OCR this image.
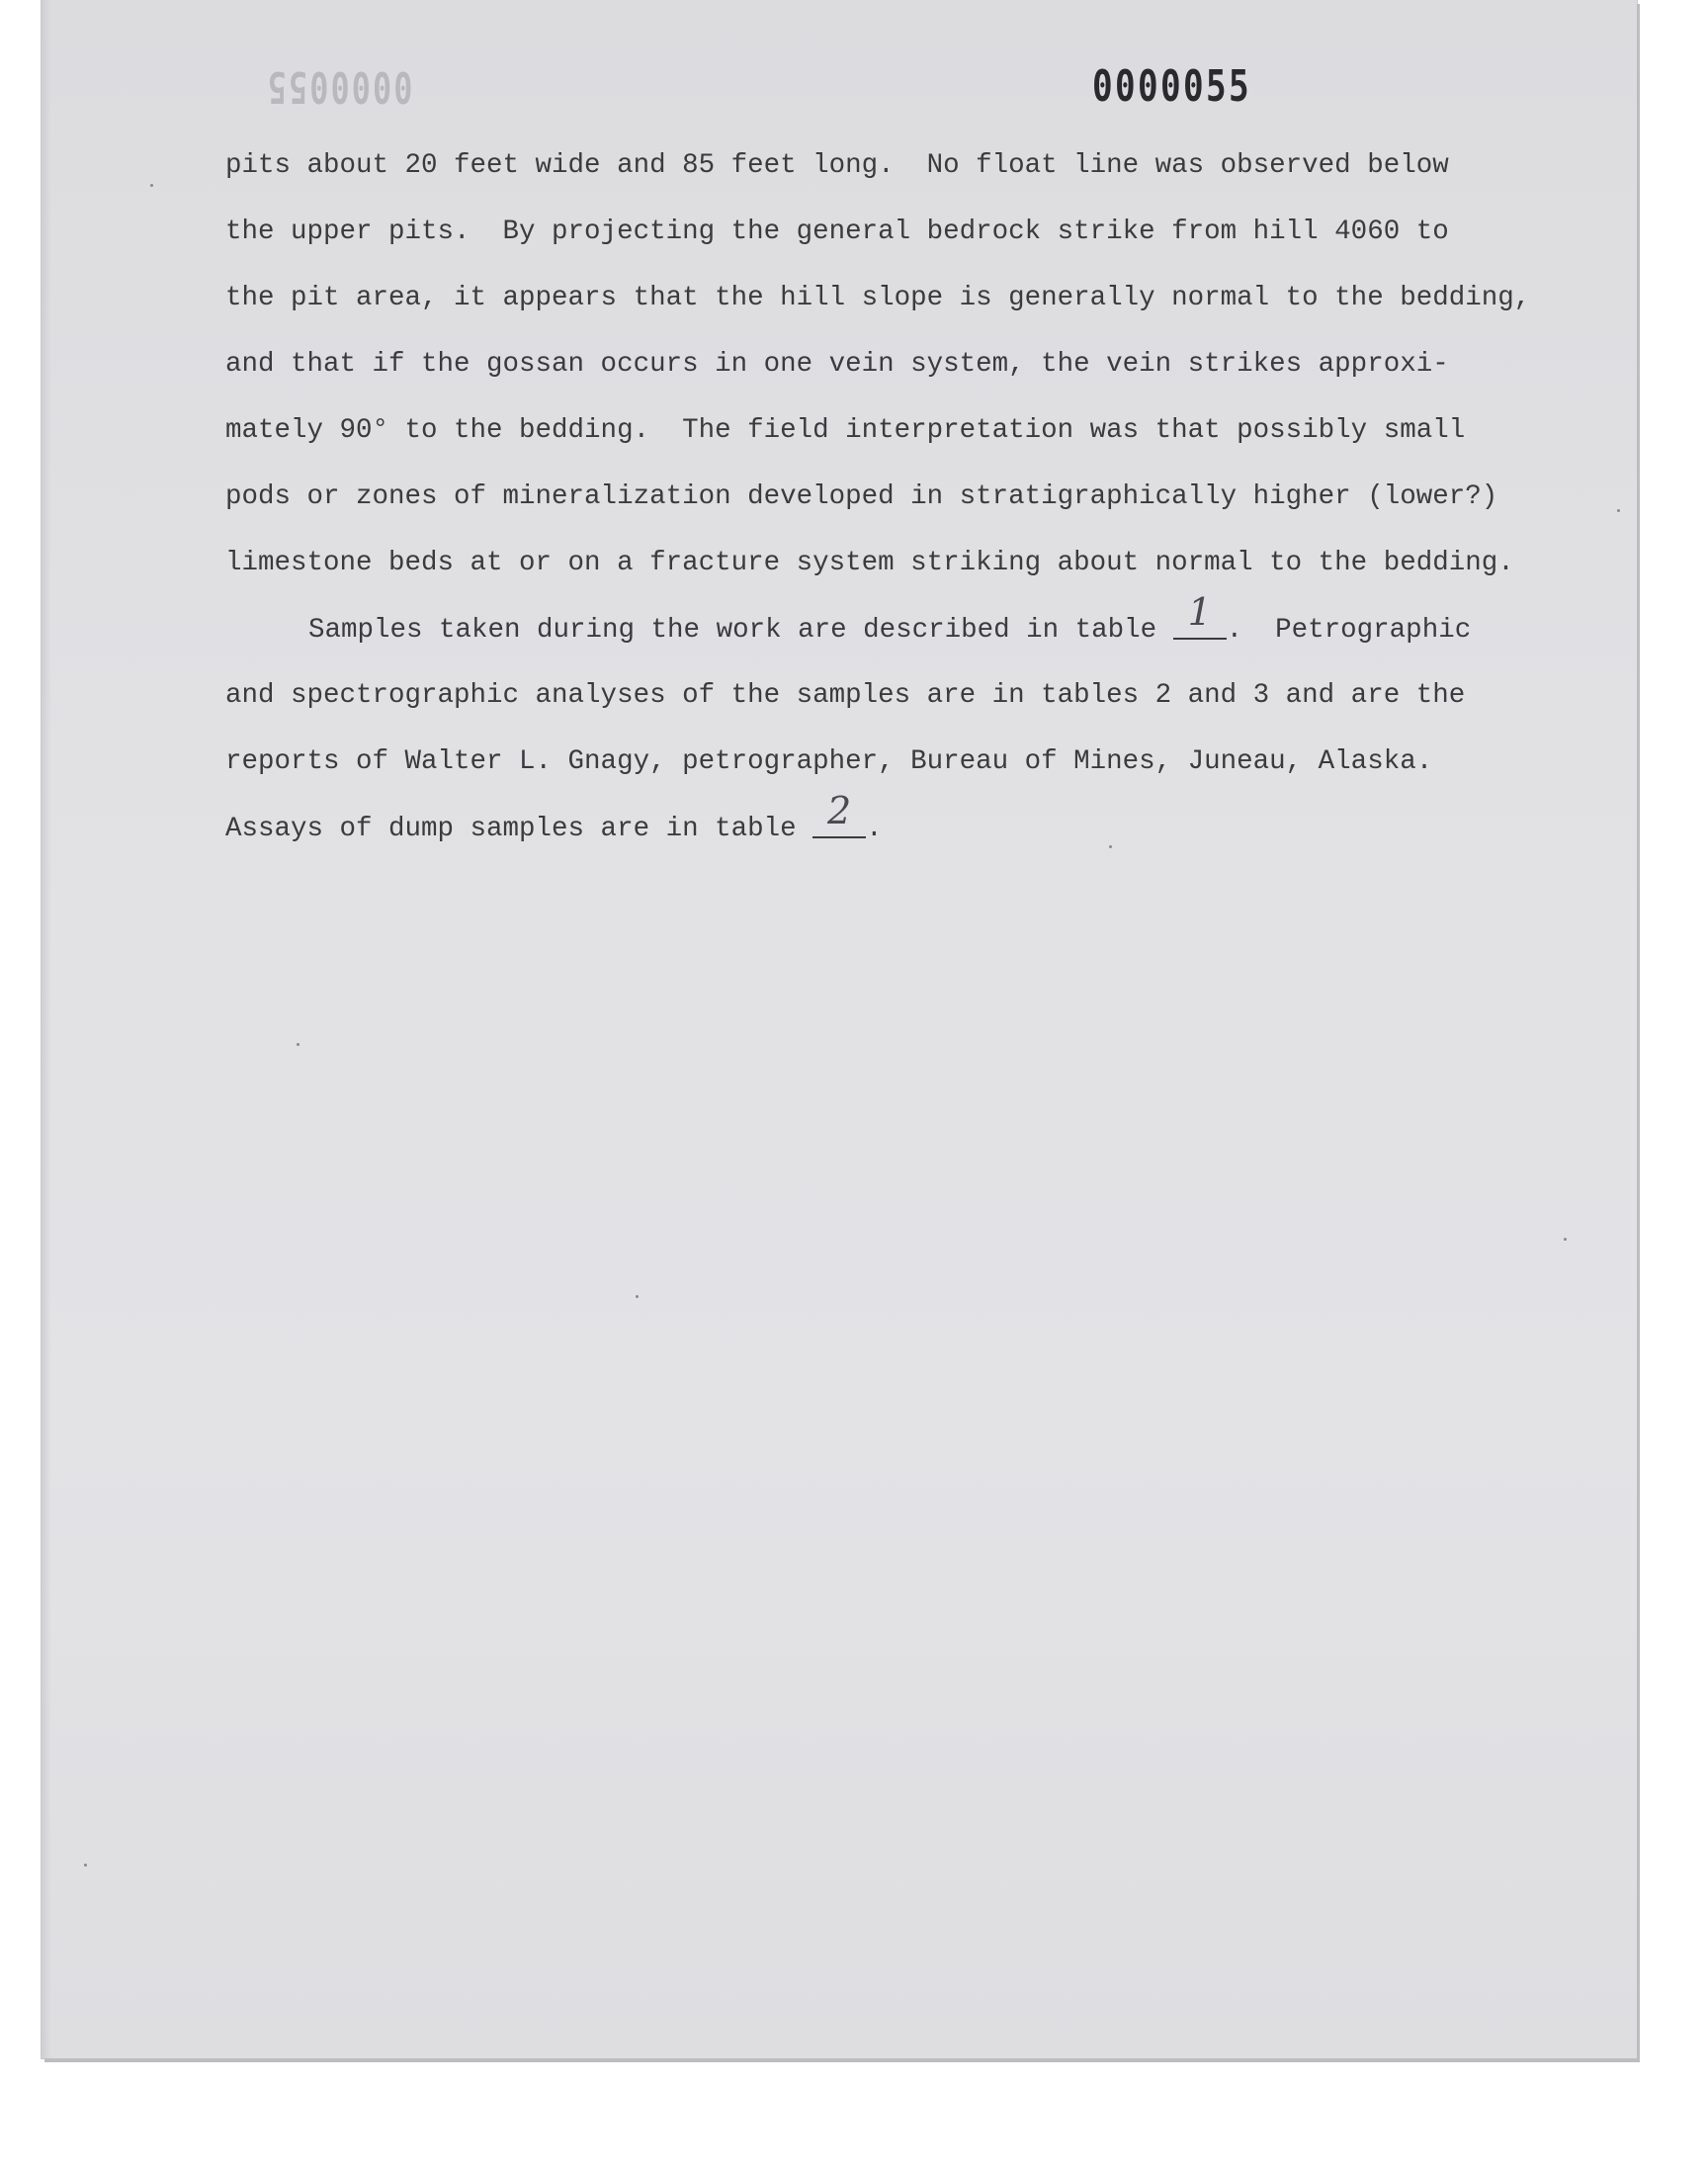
0000055	0000055
pits about 20 feet wide and 85 feet long.  No float line was observed below
the upper pits.  By projecting the general bedrock strike from hill 4060 to
the pit area, it appears that the hill slope is generally normal to the bedding,
and that if the gossan occurs in one vein system, the vein strikes approxi-
mately 90° to the bedding.  The field interpretation was that possibly small
pods or zones of mineralization developed in stratigraphically higher (lower?)
limestone beds at or on a fracture system striking about normal to the bedding.
Samples taken during the work are described in table 1 .  Petrographic
and spectrographic analyses of the samples are in tables 2 and 3 and are the
reports of Walter L. Gnagy, petrographer, Bureau of Mines, Juneau, Alaska.
Assays of dump samples are in table 2 .
